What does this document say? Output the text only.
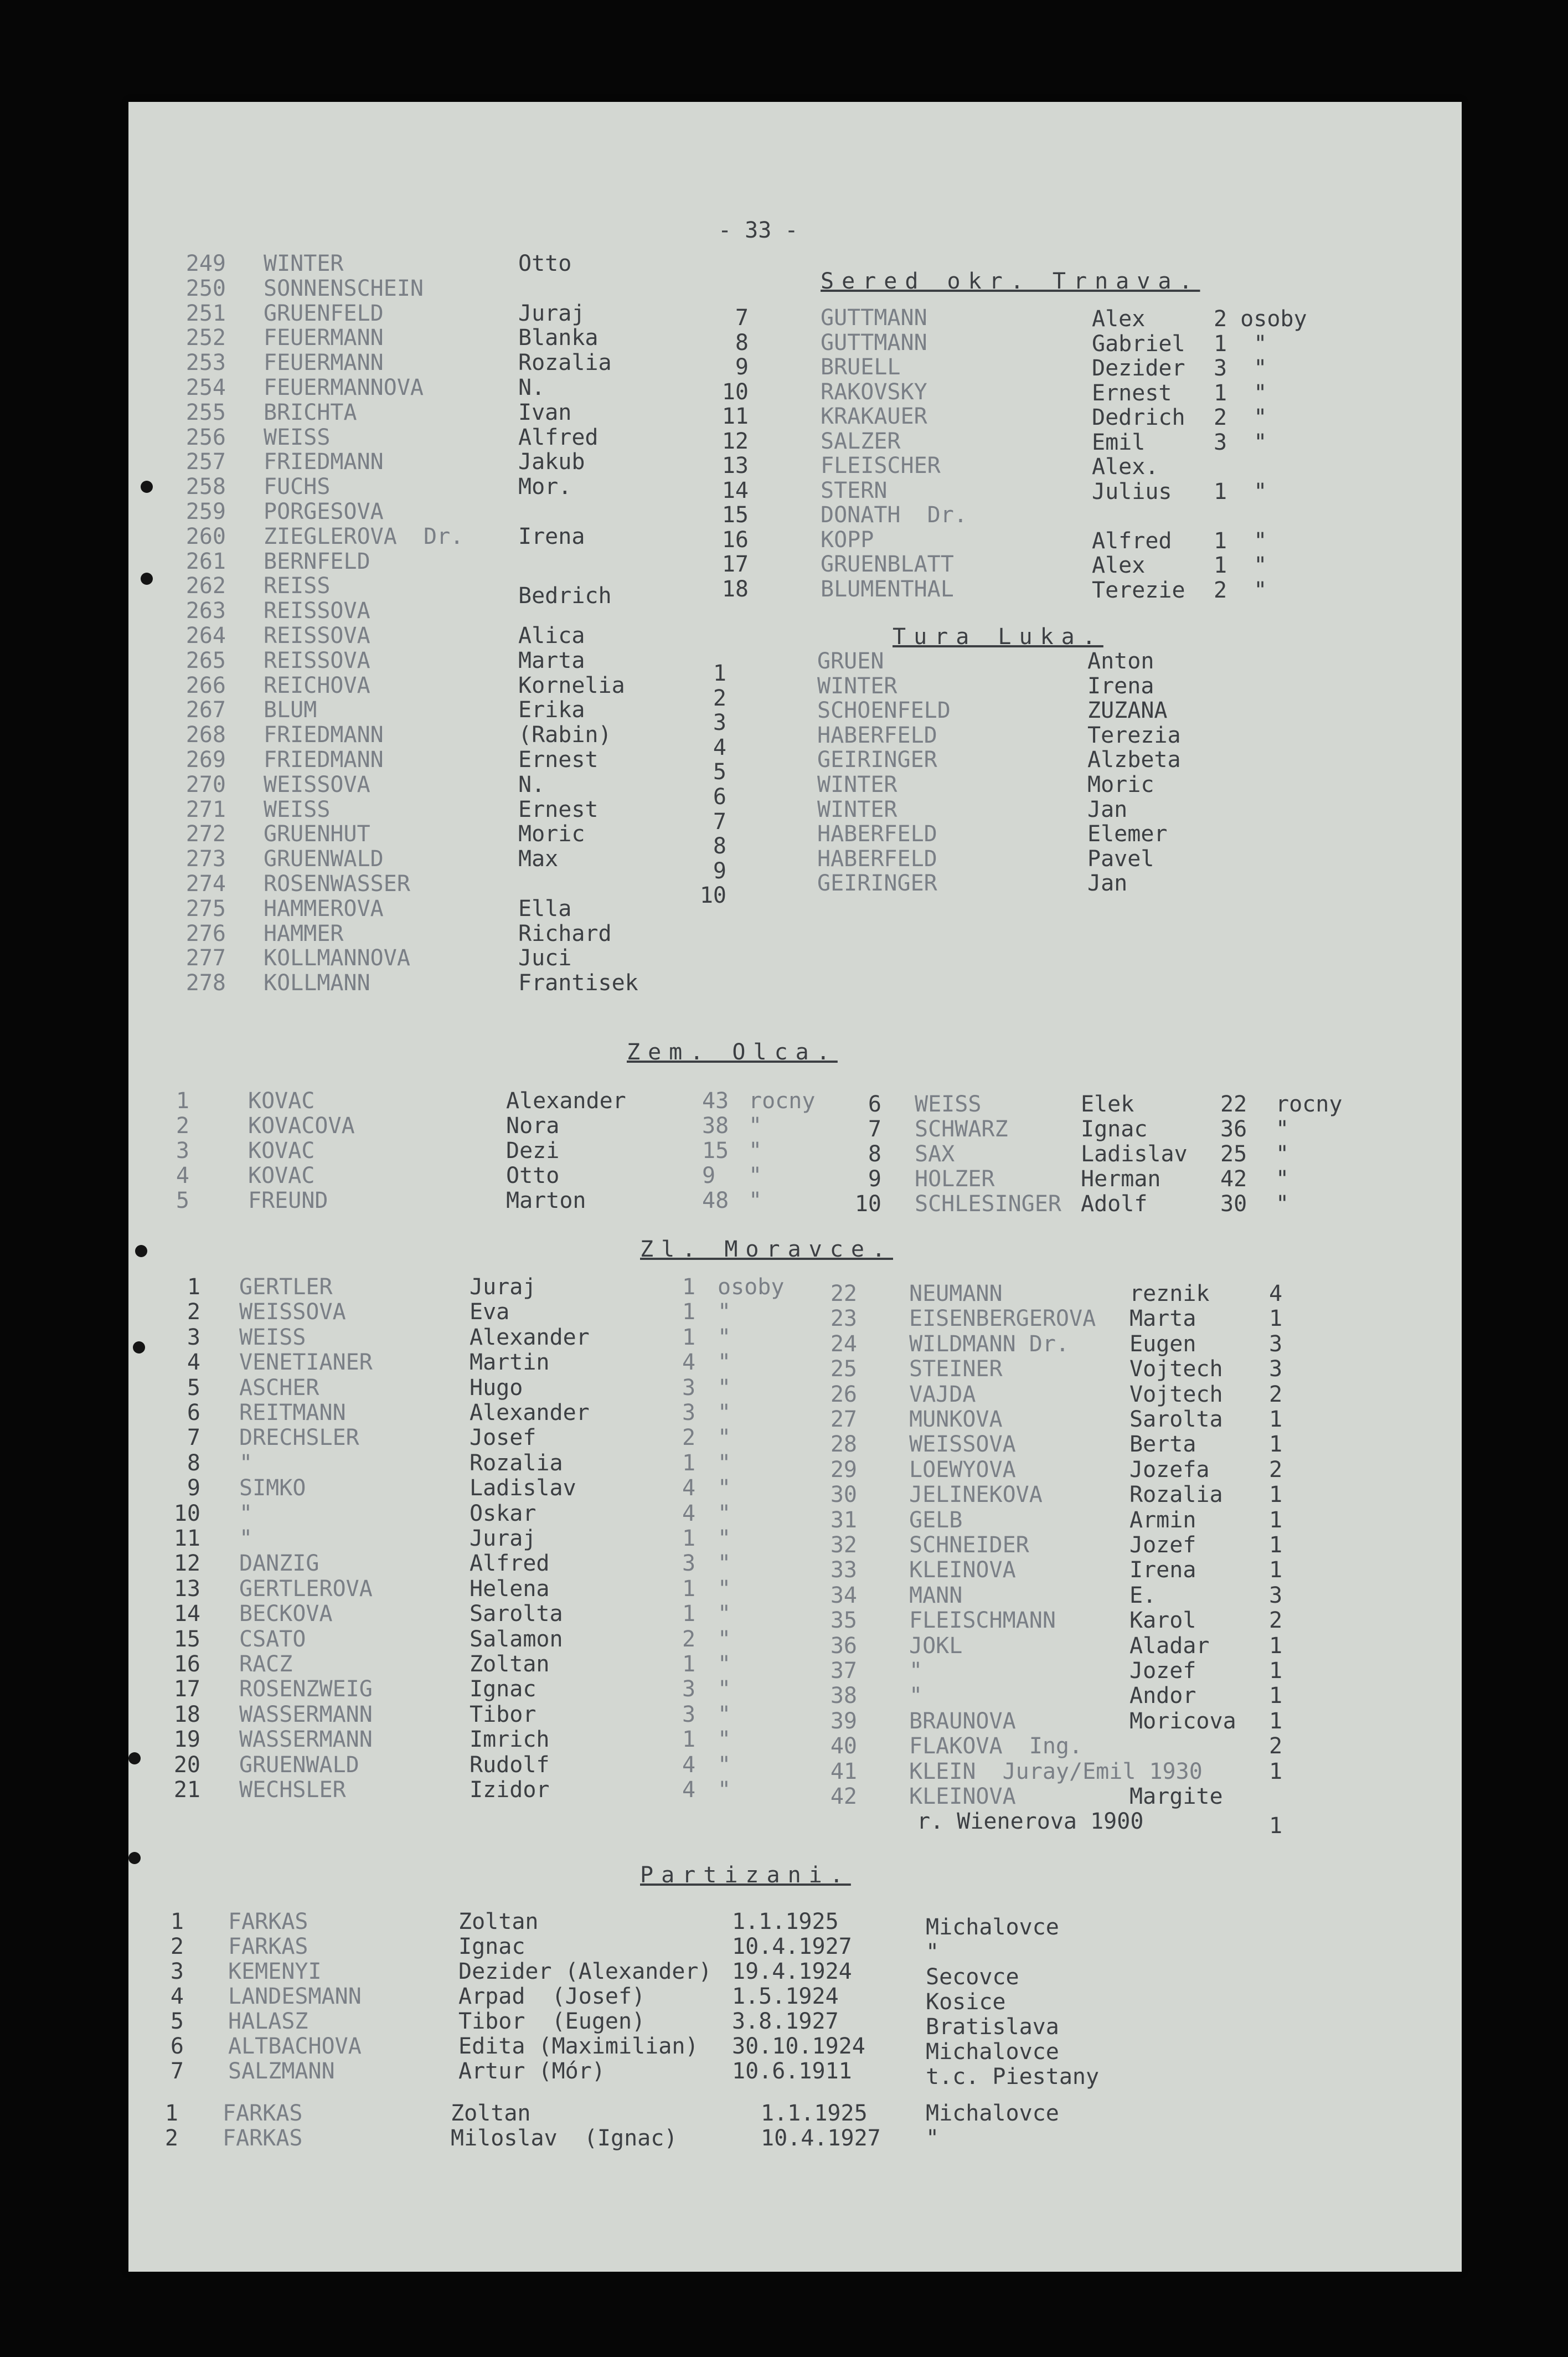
- 33 -
249 WINTER	Otto
250 SONNENSCHEIN
251 GRUENFELD	Juraj
252 FEUERMANN	Blanka
253 FEUERMANN	Rozalia
254 FEUERMANNOVA	N.
255 BRICHTA	Ivan
256 WEISS	Alfred
257 FRIEDMANN	Jakub
258 FUCHS	Mor.
259 PORGESOVA
260 ZIEGLEROVA  Dr. Irena
261 BERNFELD
262 REISS	Bedrich
263 REISSOVA
264 REISSOVA	Alica
265 REISSOVA	Marta
266 REICHOVA	Kornelia
267 BLUM	Erika
268 FRIEDMANN	(Rabin)
269 FRIEDMANN	Ernest
270 WEISSOVA	N.
271 WEISS	Ernest
272 GRUENHUT	Moric
273 GRUENWALD	Max
274 ROSENWASSER
275 HAMMEROVA	Ella
276 HAMMER	Richard
277 KOLLMANNOVA	Juci
278 KOLLMANN	Frantisek
Sered okr. Trnava.
7	GUTTMANN	Alex	2 osoby
8	GUTTMANN	Gabriel 1  "
9	BRUELL	Dezider 3  "
10	RAKOVSKY	Ernest 1  "
11	KRAKAUER	Dedrich 2  "
12	SALZER	Emil	3  "
13	FLEISCHER	Alex.
14	STERN	Julius 1  "
15	DONATH  Dr.
16	KOPP	Alfred 1  "
17	GRUENBLATT	Alex	1  "
18	BLUMENTHAL	Terezie 2  "
Tura Luka.
1	GRUEN	Anton
2	WINTER	Irena
3	SCHOENFELD	ZUZANA
4	HABERFELD	Terezia
5	GEIRINGER	Alzbeta
6	WINTER	Moric
7	WINTER	Jan
8	HABERFELD	Elemer
9	HABERFELD	Pavel
10	GEIRINGER	Jan
Zem. Olca.
1	KOVAC	Alexander	43 rocny
2	KOVACOVA	Nora	38 "
3	KOVAC	Dezi	15 "
4	KOVAC	Otto	9 "
5	FREUND	Marton	48 "
6 WEISS	Elek	22 rocny
7 SCHWARZ	Ignac	36 "
8 SAX	Ladislav 25 "
9 HOLZER	Herman	42 "
10 SCHLESINGER Adolf	30 "
Zl. Moravce.
1 GERTLER	Juraj	1 osoby
2 WEISSOVA	Eva	1 "
3 WEISS	Alexander	1 "
4 VENETIANER	Martin	4 "
5 ASCHER	Hugo	3 "
6 REITMANN	Alexander	3 "
7 DRECHSLER	Josef	2 "
8 "	Rozalia	1 "
9 SIMKO	Ladislav	4 "
10 "	Oskar	4 "
11 "	Juraj	1 "
12 DANZIG	Alfred	3 "
13 GERTLEROVA	Helena	1 "
14 BECKOVA	Sarolta	1 "
15 CSATO	Salamon	2 "
16 RACZ	Zoltan	1 "
17 ROSENZWEIG	Ignac	3 "
18 WASSERMANN	Tibor	3 "
19 WASSERMANN	Imrich	1 "
20 GRUENWALD	Rudolf	4 "
21 WECHSLER	Izidor	4 "
22 NEUMANN	reznik	4
23 EISENBERGEROVA Marta	1
24 WILDMANN Dr.	Eugen	3
25 STEINER	Vojtech 3
26 VAJDA	Vojtech 2
27 MUNKOVA	Sarolta 1
28 WEISSOVA	Berta	1
29 LOEWYOVA	Jozefa	2
30 JELINEKOVA	Rozalia 1
31 GELB	Armin	1
32 SCHNEIDER	Jozef	1
33 KLEINOVA	Irena	1
34 MANN	E.	3
35 FLEISCHMANN	Karol	2
36 JOKL	Aladar	1
37 "	Jozef	1
38 "	Andor	1
39 BRAUNOVA	Moricova 1
40 FLAKOVA  Ing.	2
41 KLEIN  Juray/Emil 1930	1
42 KLEINOVA	Margite
r. Wienerova 1900	1
Partizani.
1 FARKAS	Zoltan	1.1.1925	Michalovce
2 FARKAS	Ignac	10.4.1927	"
3 KEMENYI	Dezider (Alexander) 19.4.1924	Secovce
4 LANDESMANN	Arpad  (Josef)	1.5.1924	Kosice
5 HALASZ	Tibor  (Eugen)	3.8.1927	Bratislava
6 ALTBACHOVA	Edita (Maximilian) 30.10.1924	Michalovce
7 SALZMANN	Artur (Mór)	10.6.1911	t.c. Piestany
1 FARKAS	Zoltan	1.1.1925	Michalovce
2 FARKAS	Miloslav  (Ignac)	10.4.1927 "
